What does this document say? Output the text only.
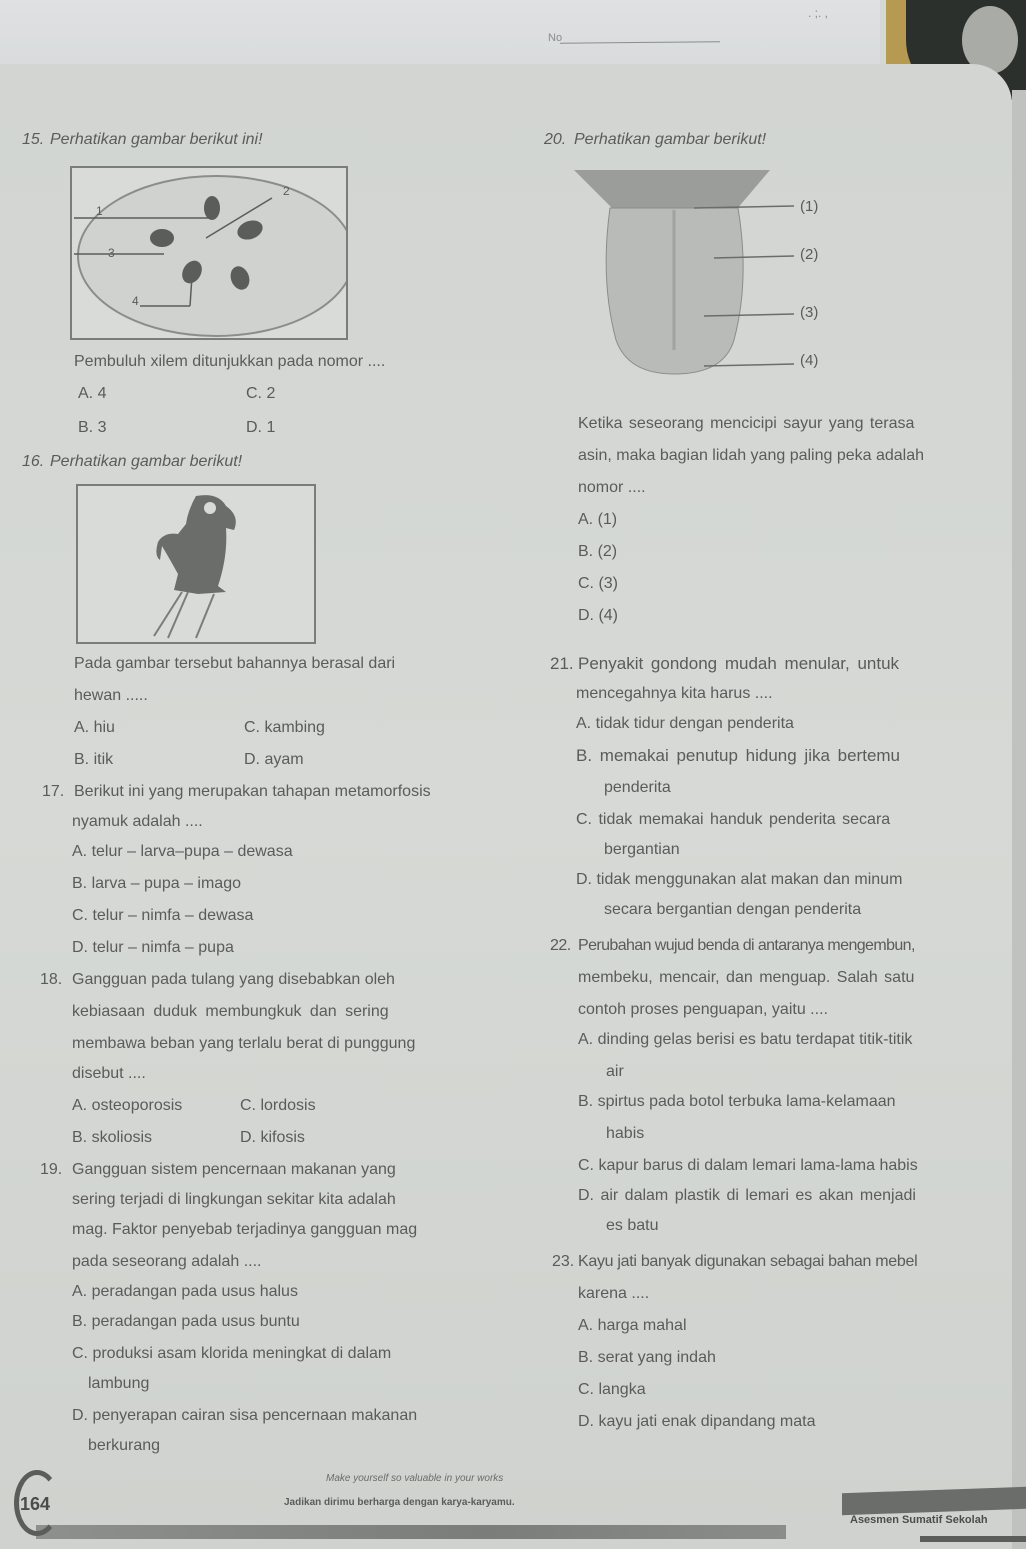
No
. ;. ,
15. Perhatikan gambar berikut ini!
1
2
3
4
Pembuluh xilem ditunjukkan pada nomor ....
A. 4	C. 2
B. 3	D. 1
16. Perhatikan gambar berikut!
Pada gambar tersebut bahannya berasal dari
hewan .....
A. hiu	C. kambing
B. itik	D. ayam
17. Berikut ini yang merupakan tahapan metamorfosis
nyamuk adalah ....
A. telur – larva–pupa – dewasa
B. larva – pupa – imago
C. telur – nimfa – dewasa
D. telur – nimfa – pupa
18. Gangguan pada tulang yang disebabkan oleh
kebiasaan duduk membungkuk dan sering
membawa beban yang terlalu berat di punggung
disebut ....
A. osteoporosis	C. lordosis
B. skoliosis	D. kifosis
19. Gangguan sistem pencernaan makanan yang
sering terjadi di lingkungan sekitar kita adalah
mag. Faktor penyebab terjadinya gangguan mag
pada seseorang adalah ....
A. peradangan pada usus halus
B. peradangan pada usus buntu
C. produksi asam klorida meningkat di dalam
lambung
D. penyerapan cairan sisa pencernaan makanan
berkurang
20. Perhatikan gambar berikut!
(1)
(2)
(3)
(4)
Ketika seseorang mencicipi sayur yang terasa
asin, maka bagian lidah yang paling peka adalah
nomor ....
A. (1)
B. (2)
C. (3)
D. (4)
21. Penyakit gondong mudah menular, untuk
mencegahnya kita harus ....
A. tidak tidur dengan penderita
B. memakai penutup hidung jika bertemu
penderita
C. tidak memakai handuk penderita secara
bergantian
D. tidak menggunakan alat makan dan minum
secara bergantian dengan penderita
22. Perubahan wujud benda di antaranya mengembun,
membeku, mencair, dan menguap. Salah satu
contoh proses penguapan, yaitu ....
A. dinding gelas berisi es batu terdapat titik-titik
air
B. spirtus pada botol terbuka lama-kelamaan
habis
C. kapur barus di dalam lemari lama-lama habis
D. air dalam plastik di lemari es akan menjadi
es batu
23. Kayu jati banyak digunakan sebagai bahan mebel
karena ....
A. harga mahal
B. serat yang indah
C. langka
D. kayu jati enak dipandang mata
164
Make yourself so valuable in your works
Jadikan dirimu berharga dengan karya-karyamu.
Asesmen Sumatif Sekolah
